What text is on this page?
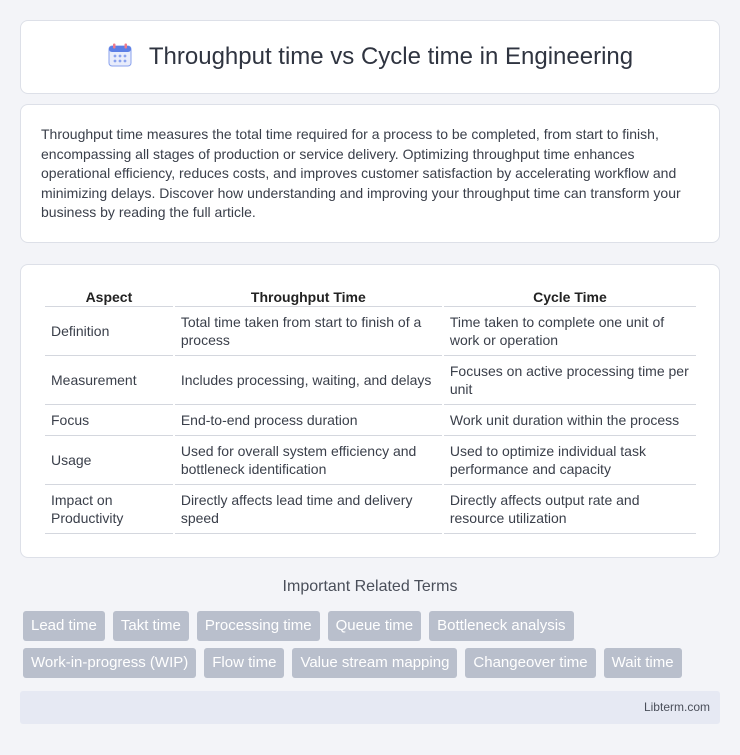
Throughput time vs Cycle time in Engineering

Throughput time measures the total time required for a process to be completed, from start to finish, encompassing all stages of production or service delivery. Optimizing throughput time enhances operational efficiency, reduces costs, and improves customer satisfaction by accelerating workflow and minimizing delays. Discover how understanding and improving your throughput time can transform your business by reading the full article.

Aspect	Throughput Time	Cycle Time
Definition	Total time taken from start to finish of a process	Time taken to complete one unit of work or operation
Measurement	Includes processing, waiting, and delays	Focuses on active processing time per unit
Focus	End-to-end process duration	Work unit duration within the process
Usage	Used for overall system efficiency and bottleneck identification	Used to optimize individual task performance and capacity
Impact on Productivity	Directly affects lead time and delivery speed	Directly affects output rate and resource utilization
Important Related Terms
Lead time	Takt time	Processing time	Queue time	Bottleneck analysis
Work-in-progress (WIP)	Flow time	Value stream mapping	Changeover time	Wait time
Libterm.com
